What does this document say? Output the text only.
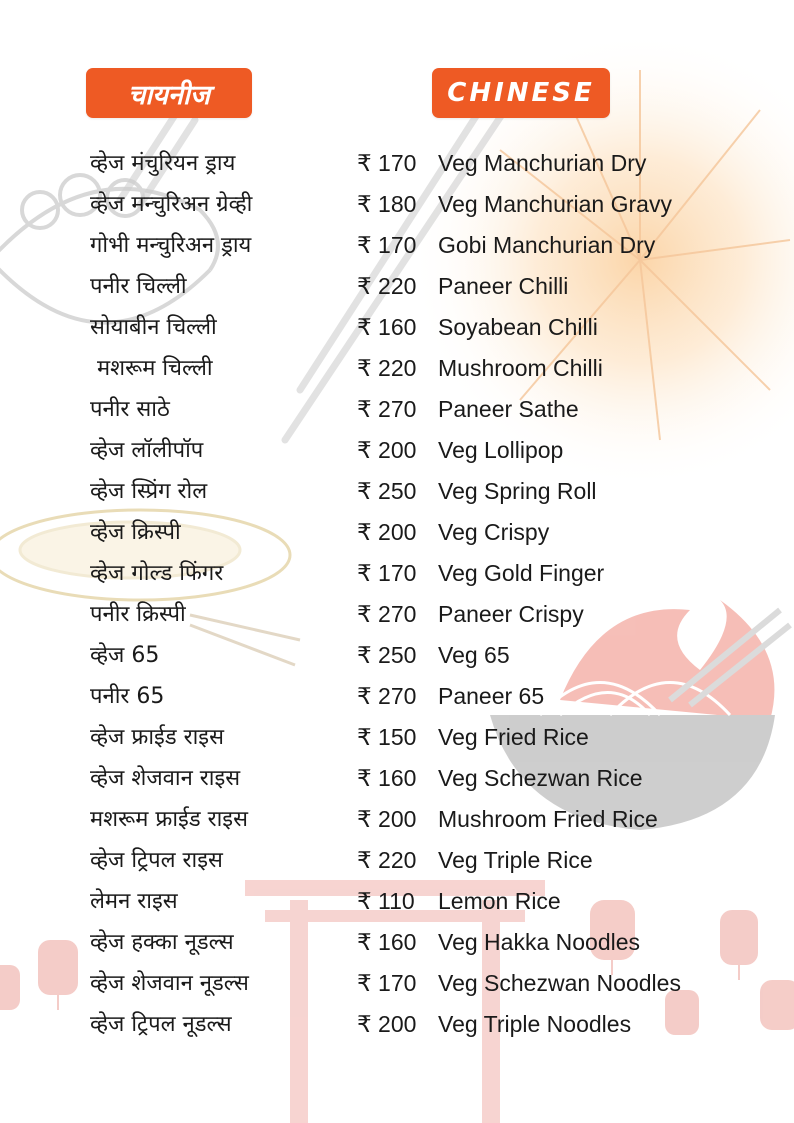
चायनीज	CHINESE
व्हेज मंचुरियन ड्राय	₹ 170 Veg Manchurian Dry
व्हेज मन्चुरिअन ग्रेव्ही	₹ 180 Veg Manchurian Gravy
गोभी मन्चुरिअन ड्राय	₹ 170 Gobi Manchurian Dry
पनीर चिल्ली	₹ 220 Paneer Chilli
सोयाबीन चिल्ली	₹ 160 Soyabean Chilli
मशरूम चिल्ली	₹ 220 Mushroom Chilli
पनीर साठे	₹ 270 Paneer Sathe
व्हेज लॉलीपॉप	₹ 200 Veg Lollipop
व्हेज स्प्रिंग रोल	₹ 250 Veg Spring Roll
व्हेज क्रिस्पी	₹ 200 Veg Crispy
व्हेज गोल्ड फिंगर	₹ 170 Veg Gold Finger
पनीर क्रिस्पी	₹ 270 Paneer Crispy
व्हेज 65	₹ 250 Veg 65
पनीर 65	₹ 270 Paneer 65
व्हेज फ्राईड राइस	₹ 150 Veg Fried Rice
व्हेज शेजवान राइस	₹ 160 Veg Schezwan Rice
मशरूम फ्राईड राइस	₹ 200 Mushroom Fried Rice
व्हेज ट्रिपल राइस	₹ 220 Veg Triple Rice
लेमन राइस	₹ 110 Lemon Rice
व्हेज हक्का नूडल्स	₹ 160 Veg Hakka Noodles
व्हेज शेजवान नूडल्स	₹ 170 Veg Schezwan Noodles
व्हेज ट्रिपल नूडल्स	₹ 200 Veg Triple Noodles
